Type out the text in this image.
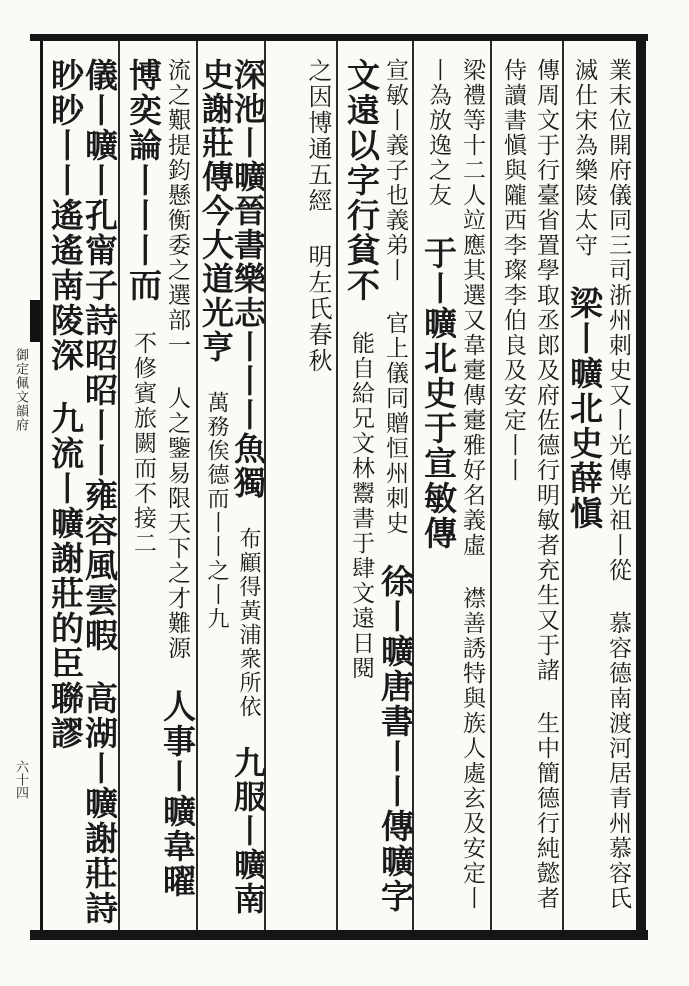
御定佩文韻府
六十四
業末位開府儀同三司浙州刺史又丨光傳光祖丨從 慕容德南渡河居青州慕容氏滅仕宋為樂陵太守 梁丨曠北史薛愼
傳周文于行臺省置學取丞郎及府佐德行明敏者充生又于諸 生中簡德行純懿者侍讀書愼與隴西李璨李伯良及安定丨丨
梁禮等十二人竝應其選又韋㚄傳㚄雅好名義虛 襟善誘特與族人處玄及安定丨丨為放逸之友 于丨曠北史于宣敏傳
宣敏丨義子也義弟丨 官上儀同贈恒州刺史 徐丨曠唐書丨丨傳曠字文遠以字行貧不 能自給兄文林鬻書于肆文遠日閱
之因博通五經 明左氏春秋
深池丨曠晉書樂志丨丨丨魚獨 布顧得黃浦衆所依 九服丨曠南史謝莊傳今大道光亨 萬務俟德而丨丨之丨九
流之艱提鈞懸衡委之選部一 人之鑒易限天下之才難源 人事丨曠韋曜博奕論丨丨丨而 不修賓旅闕而不接二
儀丨曠丨孔甯子詩昭昭丨丨雍容風雲暇 高湖丨曠謝莊詩眇眇丨丨遙遙南陵深 九流丨曠謝莊的臣聯謬
